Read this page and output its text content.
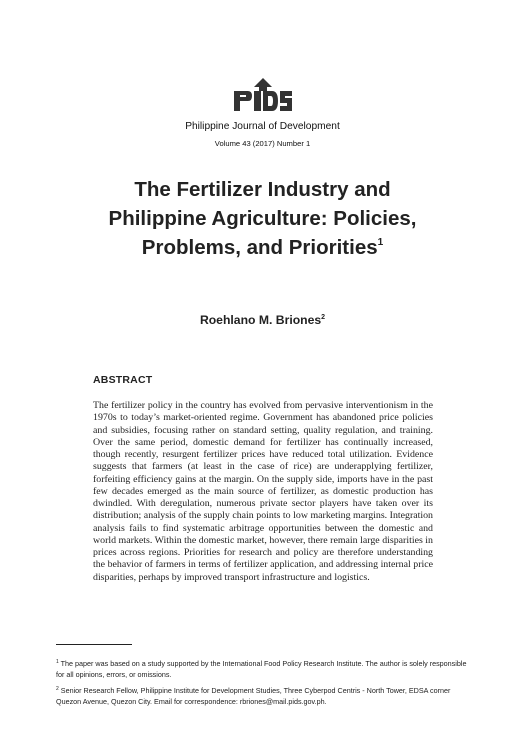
Philippine Journal of Development
Volume 43 (2017) Number 1
The Fertilizer Industry and
Philippine Agriculture: Policies,
Problems, and Priorities$^1$
Roehlano M. Briones$^2$
ABSTRACT

The fertilizer policy in the country has evolved from pervasive interventionism in the 1970s to today’s market-oriented regime. Government has abandoned price policies and subsidies, focusing rather on standard setting, quality regulation, and training. Over the same period, domestic demand for fertilizer has continually increased, though recently, resurgent fertilizer prices have reduced total utilization. Evidence suggests that farmers (at least in the case of rice) are underapplying fertilizer, forfeiting efficiency gains at the margin. On the supply side, imports have in the past few decades emerged as the main source of fertilizer, as domestic production has dwindled. With deregulation, numerous private sector players have taken over its distribution; analysis of the supply chain points to low marketing margins. Integration analysis fails to find systematic arbitrage opportunities between the domestic and world markets. Within the domestic market, however, there remain large disparities in prices across regions. Priorities for research and policy are therefore understanding the behavior of farmers in terms of fertilizer application, and addressing internal price disparities, perhaps by improved transport infrastructure and logistics.

$^1$ The paper was based on a study supported by the International Food Policy Research Institute. The author is solely responsible for all opinions, errors, or omissions.

$^2$ Senior Research Fellow, Philippine Institute for Development Studies, Three Cyberpod Centris - North Tower, EDSA corner Quezon Avenue, Quezon City. Email for correspondence: rbriones@mail.pids.gov.ph.
